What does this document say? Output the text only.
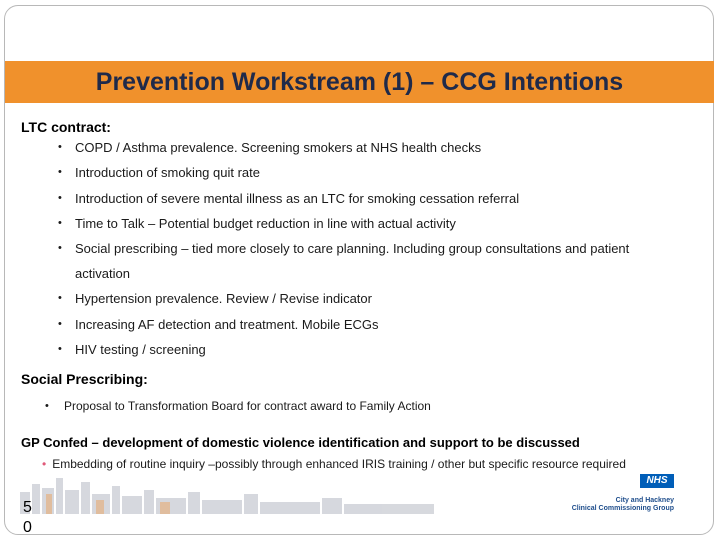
Prevention Workstream (1) – CCG Intentions
LTC contract:
• COPD / Asthma prevalence. Screening smokers at NHS health checks
• Introduction of smoking quit rate
• Introduction of severe mental illness as an LTC for smoking cessation referral
• Time to Talk – Potential budget reduction in line with actual activity
• Social prescribing – tied more closely to care planning. Including group consultations and patient
activation
• Hypertension prevalence. Review / Revise indicator
• Increasing AF detection and treatment. Mobile ECGs
• HIV testing / screening
Social Prescribing:
• Proposal to Transformation Board for contract award to Family Action
GP Confed – development of domestic violence identification and support to be discussed
• Embedding of routine inquiry –possibly through enhanced IRIS training / other but specific resource required
50
NHS
City and Hackney
Clinical Commissioning Group
